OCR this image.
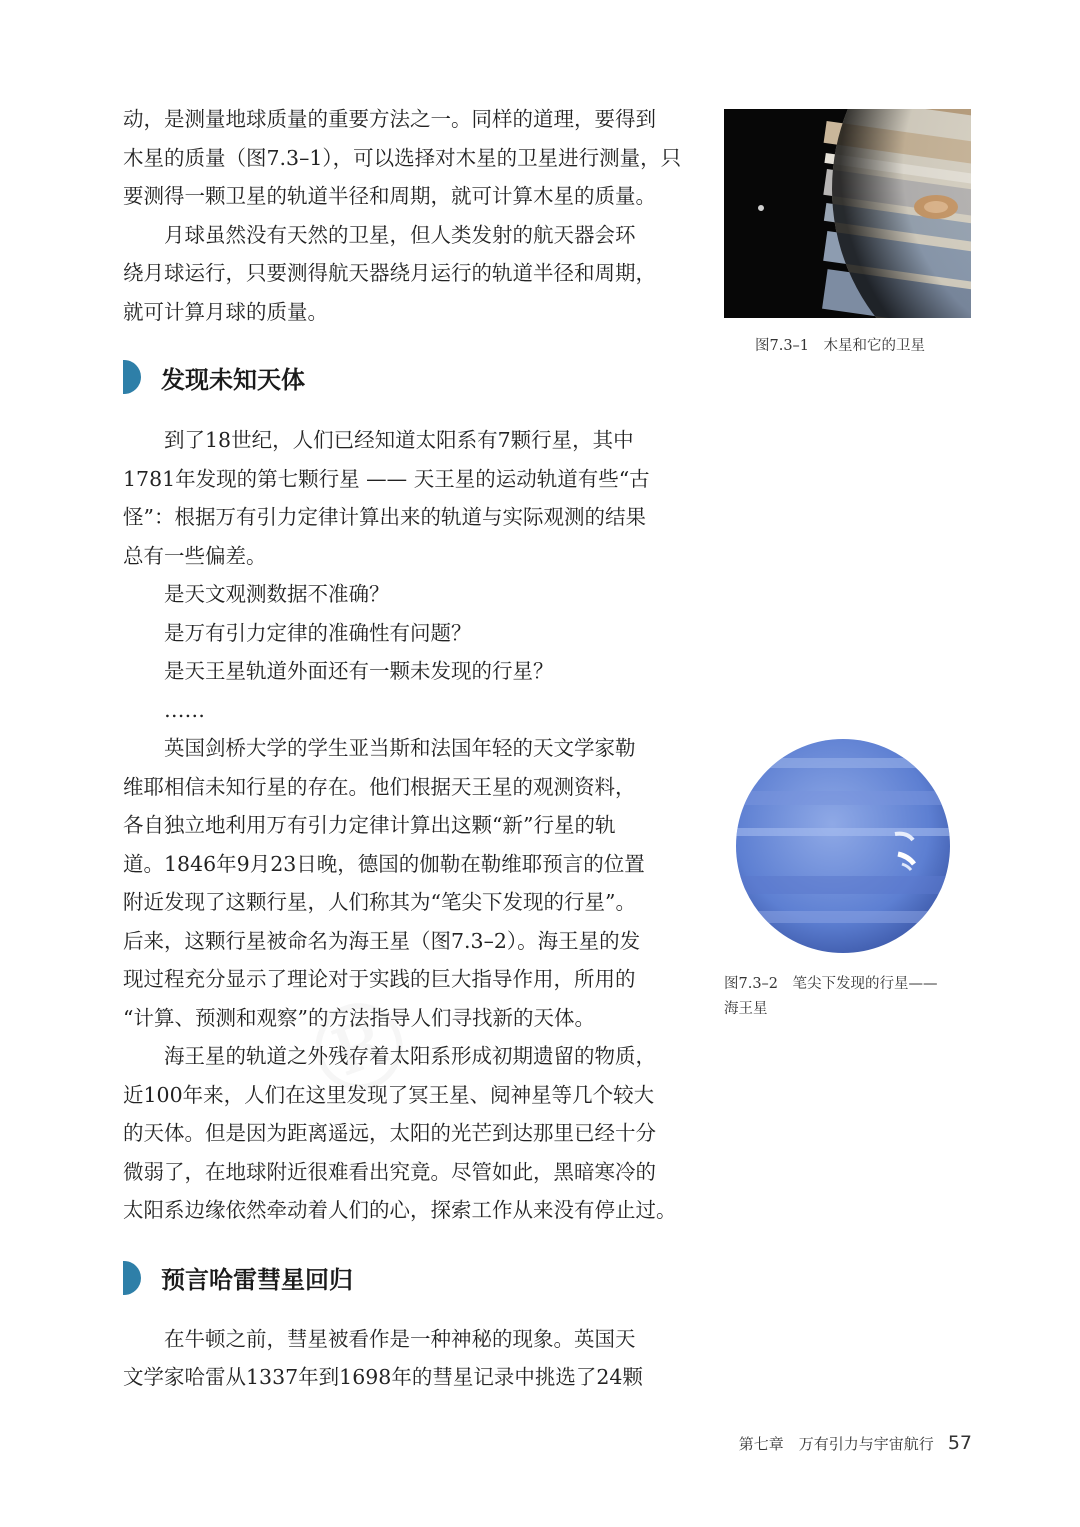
动，是测量地球质量的重要方法之一。同样的道理，要得到
木星的质量（图7.3–1），可以选择对木星的卫星进行测量，只
要测得一颗卫星的轨道半径和周期，就可计算木星的质量。

月球虽然没有天然的卫星，但人类发射的航天器会环
绕月球运行，只要测得航天器绕月运行的轨道半径和周期，
就可计算月球的质量。

发现未知天体

到了18世纪，人们已经知道太阳系有7颗行星，其中
1781年发现的第七颗行星 —— 天王星的运动轨道有些“古
怪”：根据万有引力定律计算出来的轨道与实际观测的结果
总有一些偏差。
是天文观测数据不准确？
是万有引力定律的准确性有问题？
是天王星轨道外面还有一颗未发现的行星？
……

英国剑桥大学的学生亚当斯和法国年轻的天文学家勒
维耶相信未知行星的存在。他们根据天王星的观测资料，
各自独立地利用万有引力定律计算出这颗“新”行星的轨
道。1846年9月23日晚，德国的伽勒在勒维耶预言的位置
附近发现了这颗行星，人们称其为“笔尖下发现的行星”。
后来，这颗行星被命名为海王星（图7.3–2）。海王星的发
现过程充分显示了理论对于实践的巨大指导作用，所用的
“计算、预测和观察”的方法指导人们寻找新的天体。

海王星的轨道之外残存着太阳系形成初期遗留的物质，
近100年来，人们在这里发现了冥王星、阋神星等几个较大
的天体。但是因为距离遥远，太阳的光芒到达那里已经十分
微弱了，在地球附近很难看出究竟。尽管如此，黑暗寒冷的
太阳系边缘依然牵动着人们的心，探索工作从来没有停止过。

预言哈雷彗星回归

在牛顿之前，彗星被看作是一种神秘的现象。英国天
文学家哈雷从1337年到1698年的彗星记录中挑选了24颗

图7.3–1　木星和它的卫星
图7.3–2　笔尖下发现的行星——
海王星
第七章　万有引力与宇宙航行 57
